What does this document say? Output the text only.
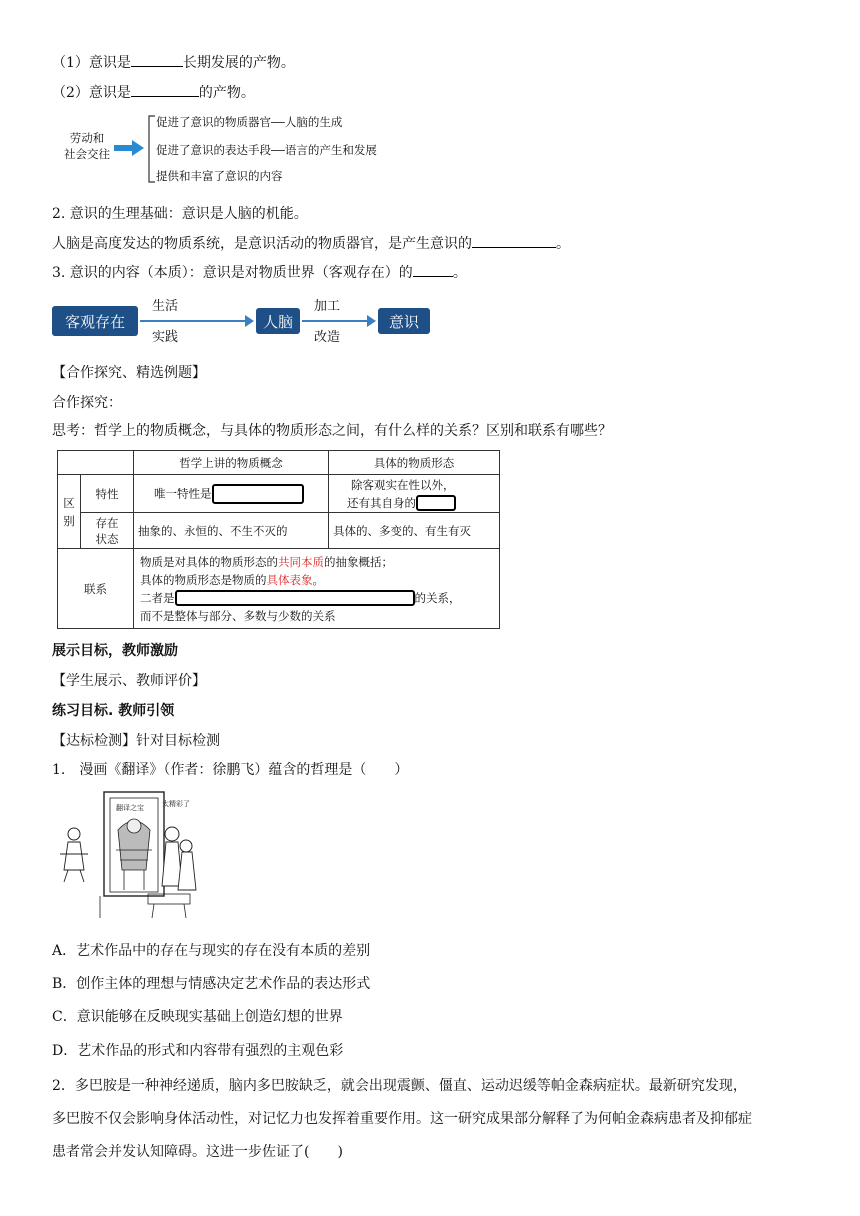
（1）意识是	长期发展的产物。
（2）意识是	的产物。
劳动和
社会交往
促进了意识的物质器官——人脑的生成
促进了意识的表达手段——语言的产生和发展
提供和丰富了意识的内容
2. 意识的生理基础：意识是人脑的机能。
人脑是高度发达的物质系统，是意识活动的物质器官，是产生意识的	。
3. 意识的内容（本质）：意识是对物质世界（客观存在）的	。
客观存在
生活
实践
人脑
加工
改造
意识
【合作探究、精选例题】
合作探究：
思考：哲学上的物质概念，与具体的物质形态之间，有什么样的关系？区别和联系有哪些？
		哲学上讲的物质概念	具体的物质形态
区别	特性	唯一特性是	除客观实在性以外，
还有其自身的

	存在状态	抽象的、永恒的、不生不灭的	具体的、多变的、有生有灭
联系		物质是对具体的物质形态的共同本质的抽象概括；
具体的物质形态是物质的具体表象。
二者是 的关系，
而不是整体与部分、多数与少数的关系	
展示目标，教师激励
【学生展示、教师评价】
练习目标. 教师引领
【达标检测】针对目标检测
1.　漫画《翻译》（作者：徐鹏飞）蕴含的哲理是（　　）
翻译之宝	太精彩了
A．艺术作品中的存在与现实的存在没有本质的差别
B．创作主体的理想与情感决定艺术作品的表达形式
C．意识能够在反映现实基础上创造幻想的世界
D．艺术作品的形式和内容带有强烈的主观色彩
2．多巴胺是一种神经递质，脑内多巴胺缺乏，就会出现震颤、僵直、运动迟缓等帕金森病症状。最新研究发现，
多巴胺不仅会影响身体活动性，对记忆力也发挥着重要作用。这一研究成果部分解释了为何帕金森病患者及抑郁症
患者常会并发认知障碍。这进一步佐证了(　　)
